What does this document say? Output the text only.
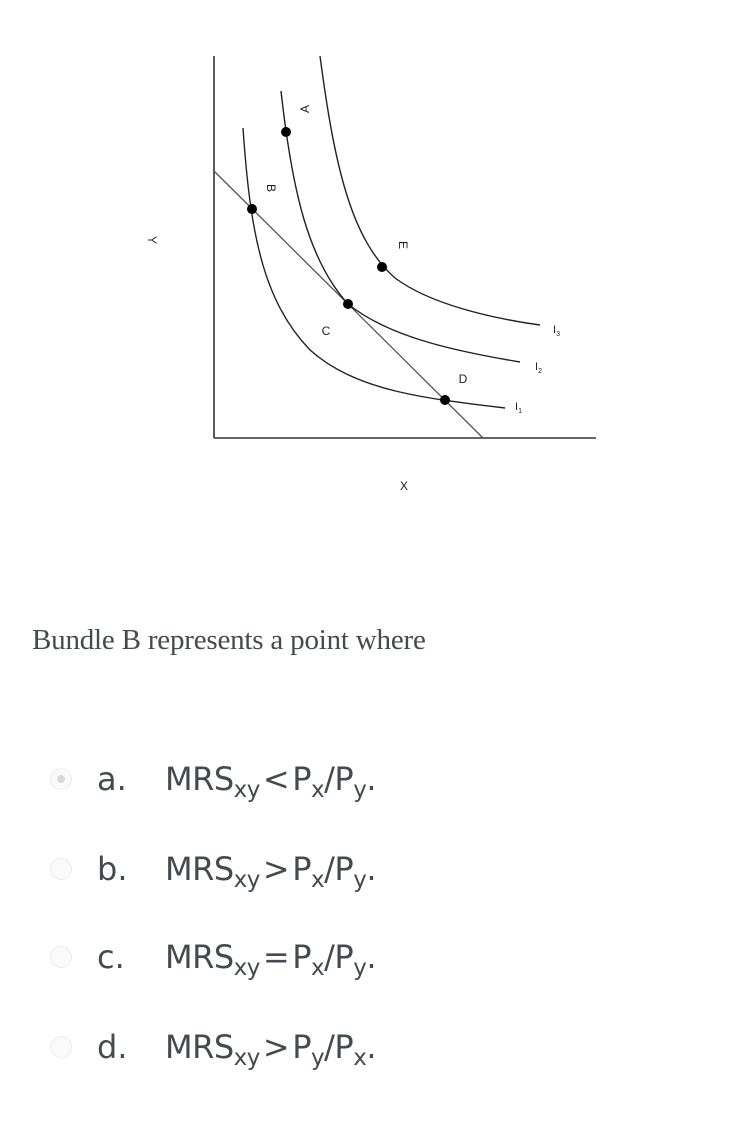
A
B
C
D
E
$I_1$
$I_2$
$I_3$
X
Y
Bundle B represents a point where
a.	$MRS_{xy}<P_x/P_y$.
b.	$MRS_{xy}>P_x/P_y$.
c.	$MRS_{xy}=P_x/P_y$.
d.	$MRS_{xy}>P_y/P_x$.
